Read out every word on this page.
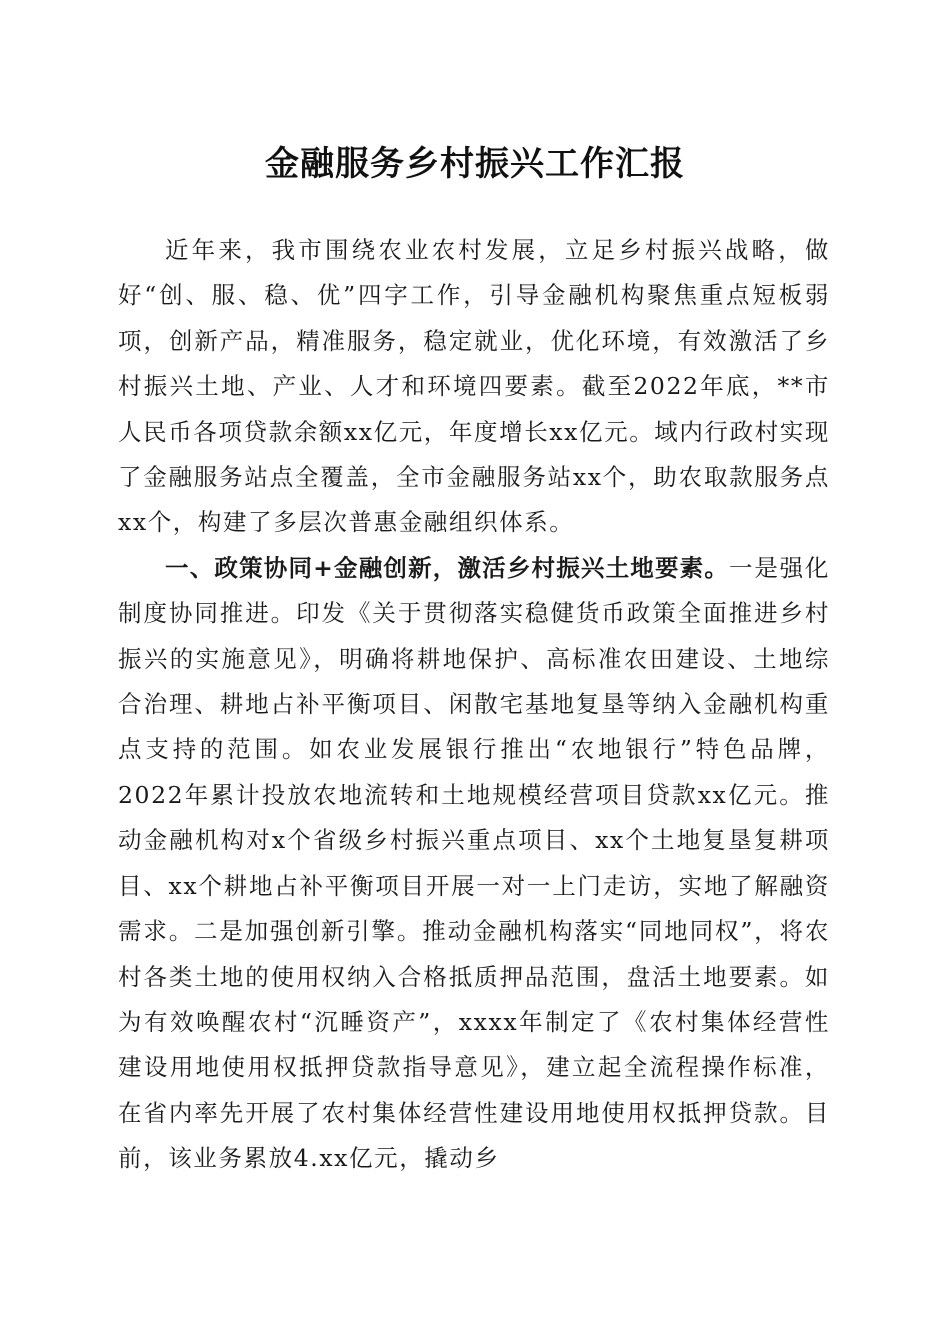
金融服务乡村振兴工作汇报

近年来，我市围绕农业农村发展，立足乡村振兴战略，做好“创、服、稳、优”四字工作，引导金融机构聚焦重点短板弱项，创新产品，精准服务，稳定就业，优化环境，有效激活了乡村振兴土地、产业、人才和环境四要素。截至2022年底，**市人民币各项贷款余额xx亿元，年度增长xx亿元。域内行政村实现了金融服务站点全覆盖，全市金融服务站xx个，助农取款服务点xx个，构建了多层次普惠金融组织体系。

一、政策协同+金融创新，激活乡村振兴土地要素。一是强化制度协同推进。印发《关于贯彻落实稳健货币政策全面推进乡村振兴的实施意见》，明确将耕地保护、高标准农田建设、土地综合治理、耕地占补平衡项目、闲散宅基地复垦等纳入金融机构重点支持的范围。如农业发展银行推出“农地银行”特色品牌，2022年累计投放农地流转和土地规模经营项目贷款xx亿元。推动金融机构对x个省级乡村振兴重点项目、xx个土地复垦复耕项目、xx个耕地占补平衡项目开展一对一上门走访，实地了解融资需求。二是加强创新引擎。推动金融机构落实“同地同权”，将农村各类土地的使用权纳入合格抵质押品范围，盘活土地要素。如为有效唤醒农村“沉睡资产”，xxxx年制定了《农村集体经营性建设用地使用权抵押贷款指导意见》，建立起全流程操作标准，在省内率先开展了农村集体经营性建设用地使用权抵押贷款。目前，该业务累放4.xx亿元，撬动乡
